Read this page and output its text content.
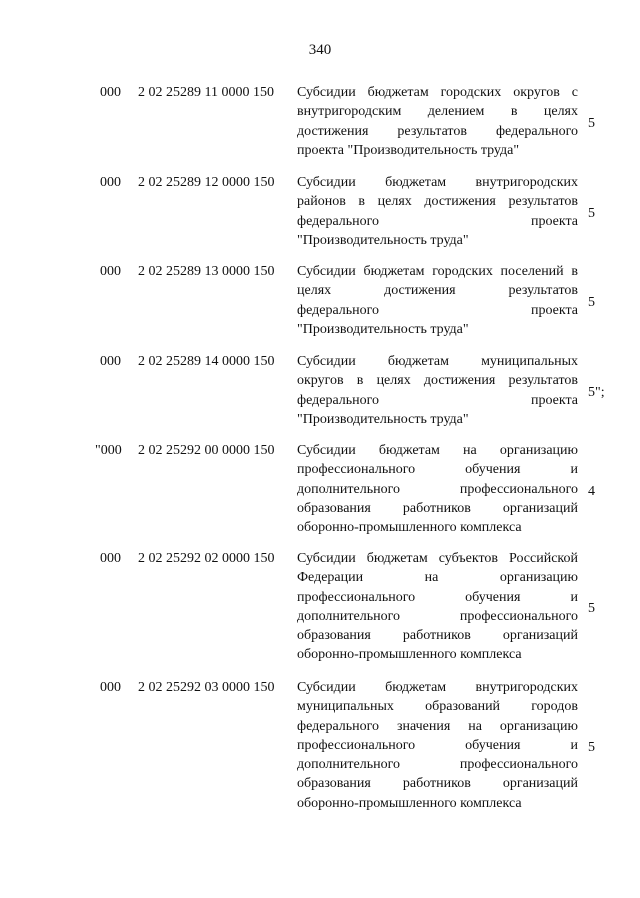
340
000 2 02 25289 11 0000 150 Субсидии бюджетам городских округов с
внутригородским делением в целях
достижения результатов федерального
проекта "Производительность труда"
5
000 2 02 25289 12 0000 150 Субсидии бюджетам внутригородских
районов в целях достижения результатов
федерального проекта
"Производительность труда"
5
000 2 02 25289 13 0000 150 Субсидии бюджетам городских поселений в
целях достижения результатов
федерального проекта
"Производительность труда"
5
000 2 02 25289 14 0000 150 Субсидии бюджетам муниципальных
округов в целях достижения результатов
федерального проекта
"Производительность труда"
5";
"000 2 02 25292 00 0000 150 Субсидии бюджетам на организацию
профессионального обучения и
дополнительного профессионального
образования работников организаций
оборонно-промышленного комплекса
4
000 2 02 25292 02 0000 150 Субсидии бюджетам субъектов Российской
Федерации на организацию
профессионального обучения и
дополнительного профессионального
образования работников организаций
оборонно-промышленного комплекса
5
000 2 02 25292 03 0000 150 Субсидии бюджетам внутригородских
муниципальных образований городов
федерального значения на организацию
профессионального обучения и
дополнительного профессионального
образования работников организаций
оборонно-промышленного комплекса
5
